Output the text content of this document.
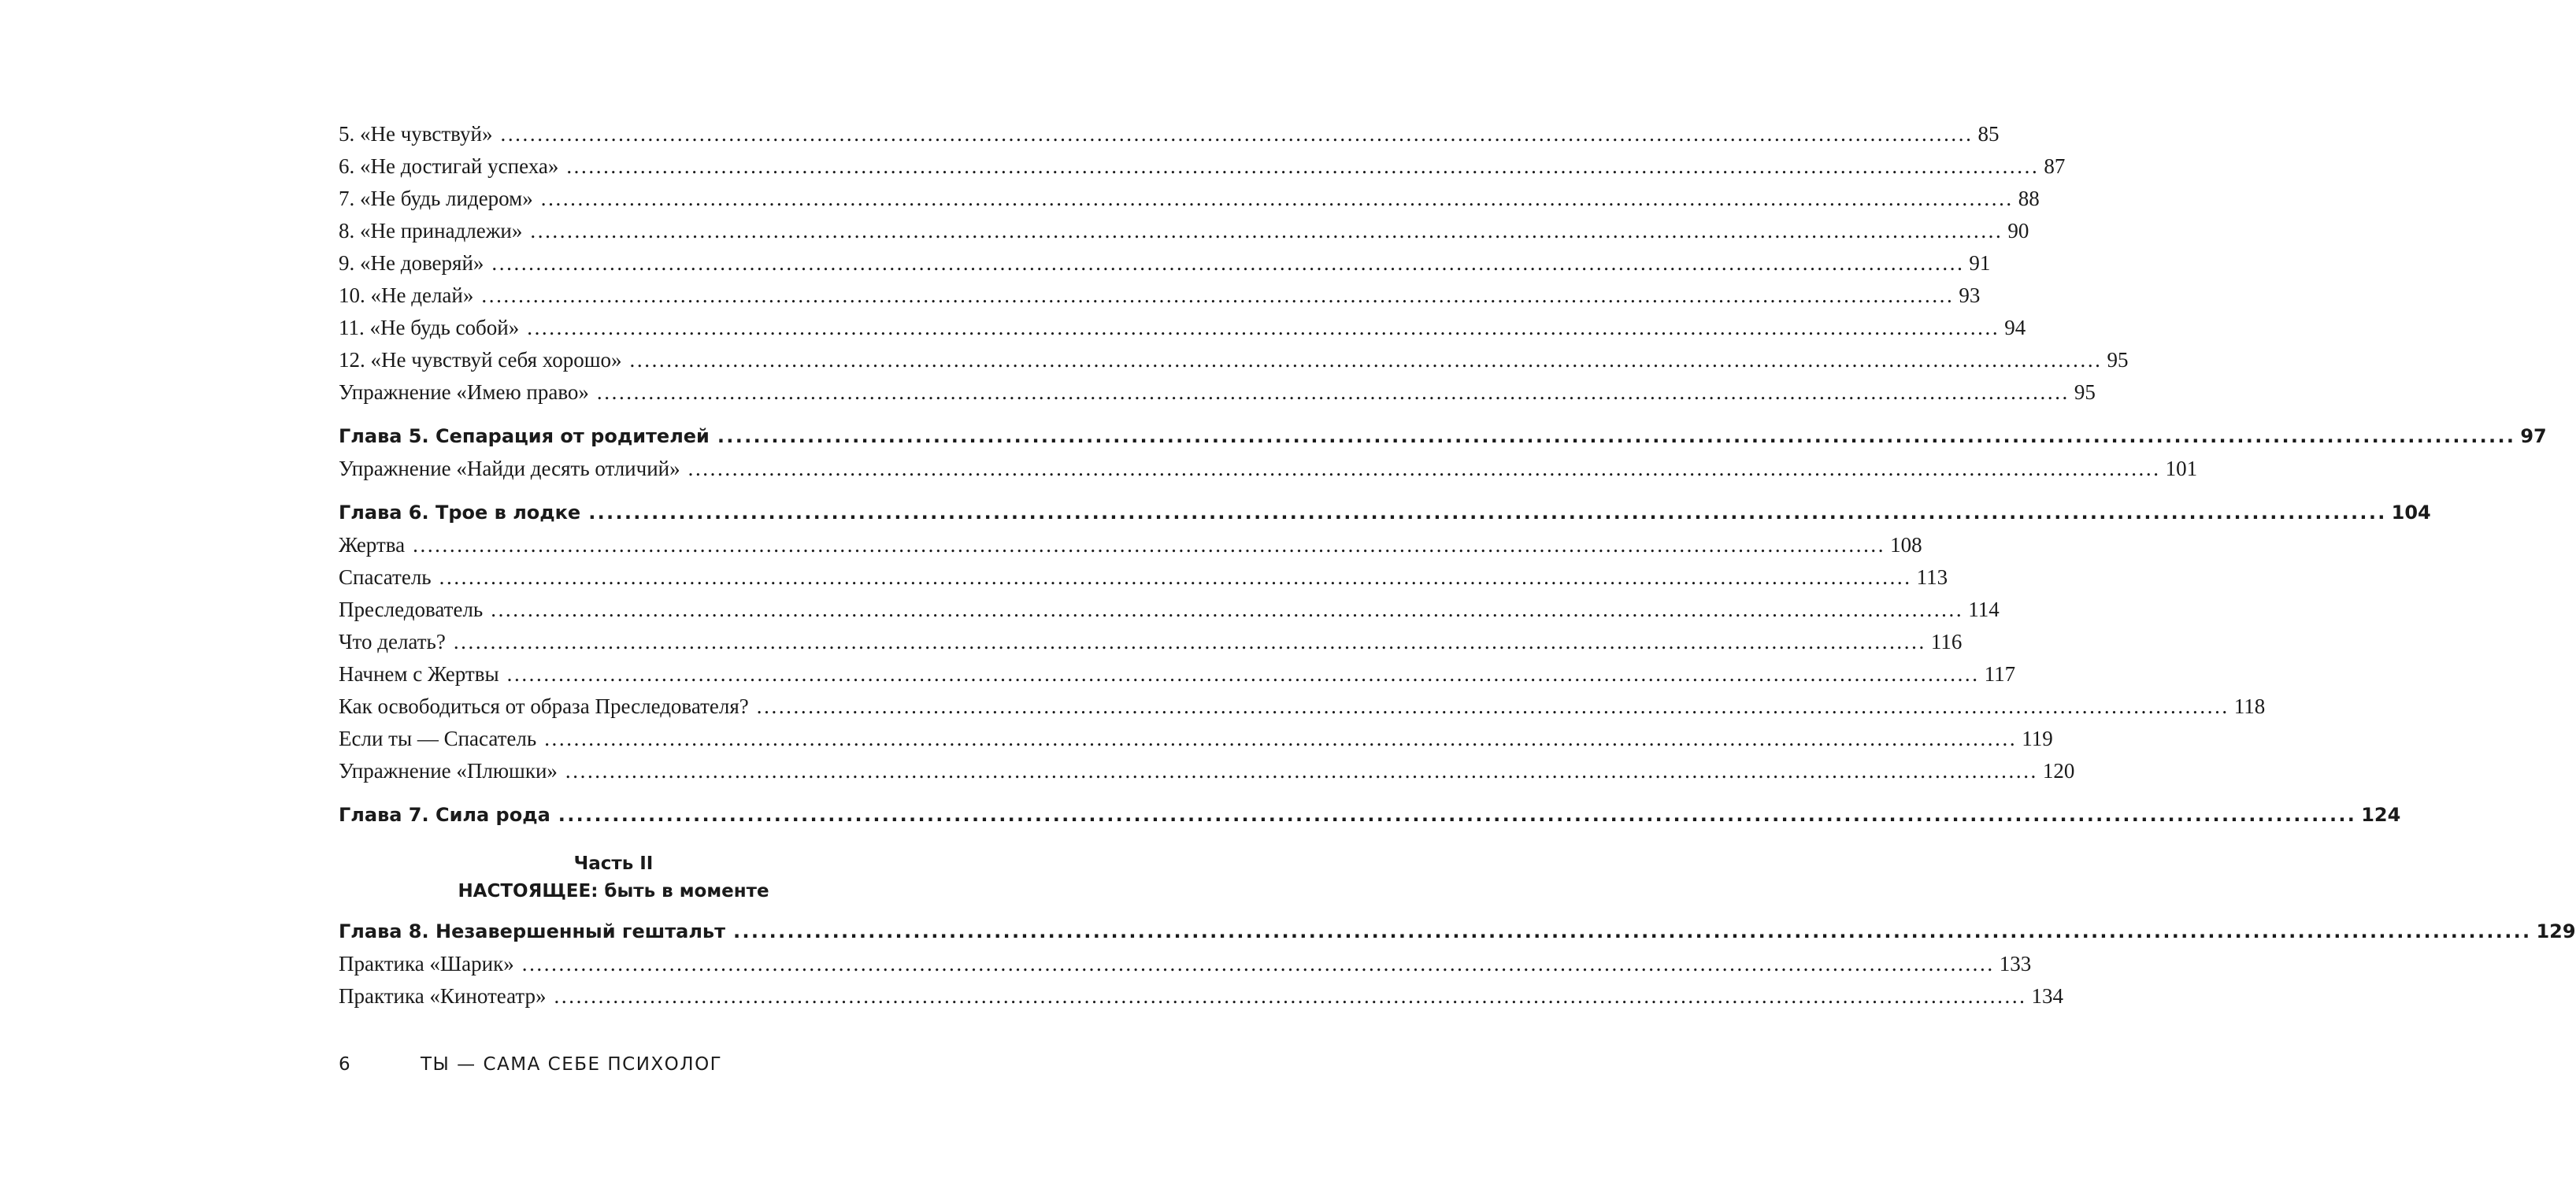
5. «Не чувствуй» ........................................................................................................................................................................................................ 85
6. «Не достигай успеха» ........................................................................................................................................................................................................ 87
7. «Не будь лидером» ........................................................................................................................................................................................................ 88
8. «Не принадлежи» ........................................................................................................................................................................................................ 90
9. «Не доверяй» ........................................................................................................................................................................................................ 91
10. «Не делай» ........................................................................................................................................................................................................ 93
11. «Не будь собой» ........................................................................................................................................................................................................ 94
12. «Не чувствуй себя хорошо» ........................................................................................................................................................................................................ 95
Упражнение «Имею право» ........................................................................................................................................................................................................ 95
Глава 5. Сепарация от родителей ........................................................................................................................................................................................................ 97
Упражнение «Найди десять отличий» ........................................................................................................................................................................................................ 101
Глава 6. Трое в лодке ........................................................................................................................................................................................................ 104
Жертва ........................................................................................................................................................................................................ 108
Спасатель ........................................................................................................................................................................................................ 113
Преследователь ........................................................................................................................................................................................................ 114
Что делать? ........................................................................................................................................................................................................ 116
Начнем с Жертвы ........................................................................................................................................................................................................ 117
Как освободиться от образа Преследователя? ........................................................................................................................................................................................................ 118
Если ты — Спасатель ........................................................................................................................................................................................................ 119
Упражнение «Плюшки» ........................................................................................................................................................................................................ 120
Глава 7. Сила рода ........................................................................................................................................................................................................ 124
Часть II
НАСТОЯЩЕЕ: быть в моменте
Глава 8. Незавершенный гештальт ........................................................................................................................................................................................................ 129
Практика «Шарик» ........................................................................................................................................................................................................ 133
Практика «Кинотеатр» ........................................................................................................................................................................................................ 134
6	ТЫ — САМА СЕБЕ ПСИХОЛОГ
